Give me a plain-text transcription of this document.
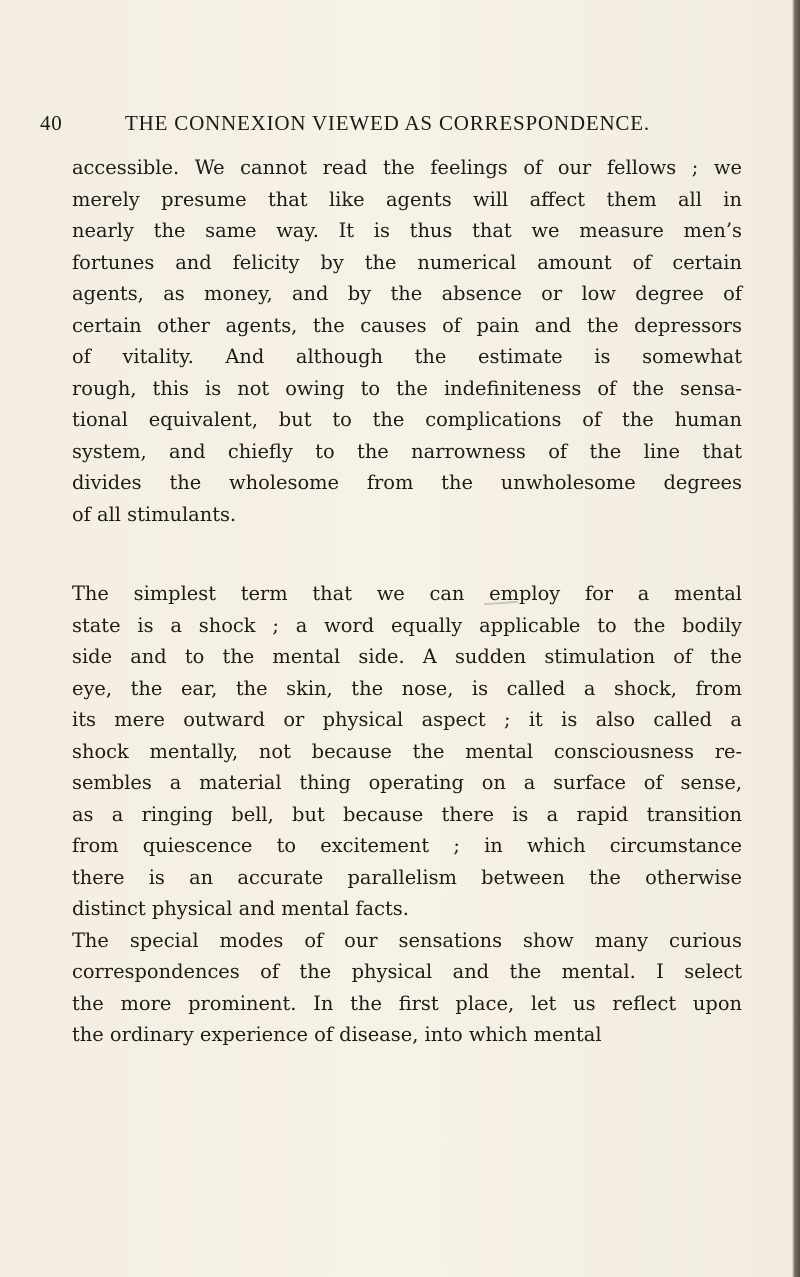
40	THE CONNEXION VIEWED AS CORRESPONDENCE.
accessible. We cannot read the feelings of our fellows ; we
merely presume that like agents will affect them all in
nearly the same way. It is thus that we measure men’s
fortunes and felicity by the numerical amount of certain
agents, as money, and by the absence or low degree of
certain other agents, the causes of pain and the depressors
of vitality. And although the estimate is somewhat
rough, this is not owing to the indefiniteness of the sensa-
tional equivalent, but to the complications of the human
system, and chiefly to the narrowness of the line that
divides the wholesome from the unwholesome degrees
of all stimulants.
The simplest term that we can employ for a mental
state is a shock ; a word equally applicable to the bodily
side and to the mental side. A sudden stimulation of the
eye, the ear, the skin, the nose, is called a shock, from
its mere outward or physical aspect ; it is also called a
shock mentally, not because the mental consciousness re-
sembles a material thing operating on a surface of sense,
as a ringing bell, but because there is a rapid transition
from quiescence to excitement ; in which circumstance
there is an accurate parallelism between the otherwise
distinct physical and mental facts.
The special modes of our sensations show many curious
correspondences of the physical and the mental. I select
the more prominent. In the first place, let us reflect upon
the ordinary experience of disease, into which mental
